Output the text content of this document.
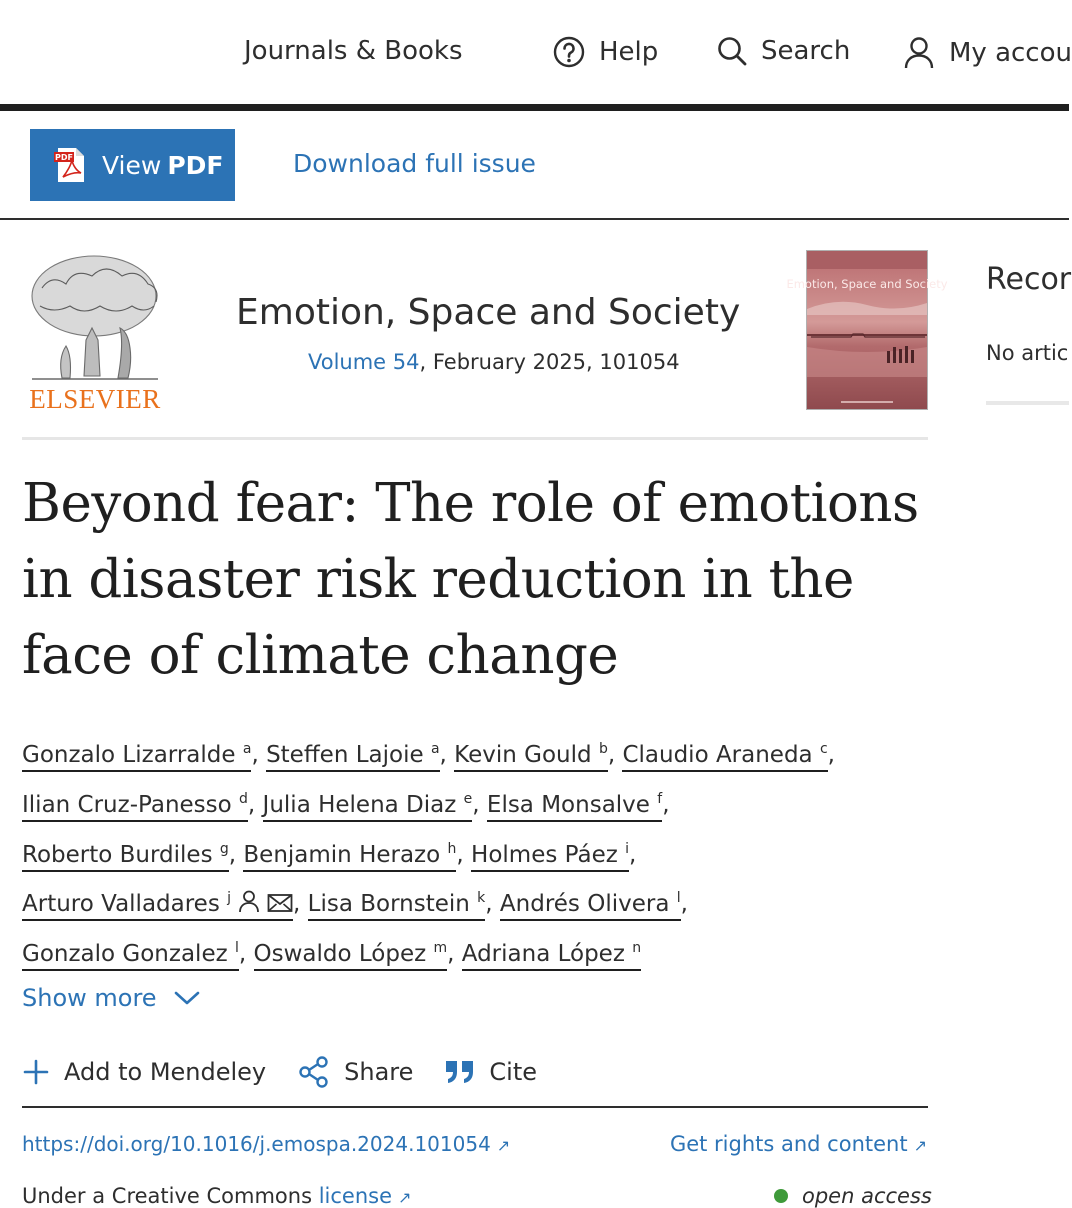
Journals & Books	Help	Search	My accou
PDF View PDF	Download full issue
ELSEVIER
Emotion, Space and Society
Volume 54, February 2025, 101054
Emotion, Space and Society Recor
No artic
Beyond fear: The role of emotions in disaster risk reduction in the face of climate change
Gonzalo Lizarralde $^a$, Steffen Lajoie $^a$, Kevin Gould $^b$, Claudio Araneda $^c$,
Ilian Cruz-Panesso $^d$, Julia Helena Diaz $^e$, Elsa Monsalve $^f$,
Roberto Burdiles $^g$, Benjamin Herazo $^h$, Holmes Páez $^i$,
Arturo Valladares $^j$	, Lisa Bornstein $^k$, Andrés Olivera $^l$,
Gonzalo Gonzalez $^l$, Oswaldo López $^m$, Adriana López $^n$
Show more
Add to Mendeley	Share	Cite
https://doi.org/10.1016/j.emospa.2024.101054 ↗	Get rights and content ↗
Under a Creative Commons license ↗	open access
